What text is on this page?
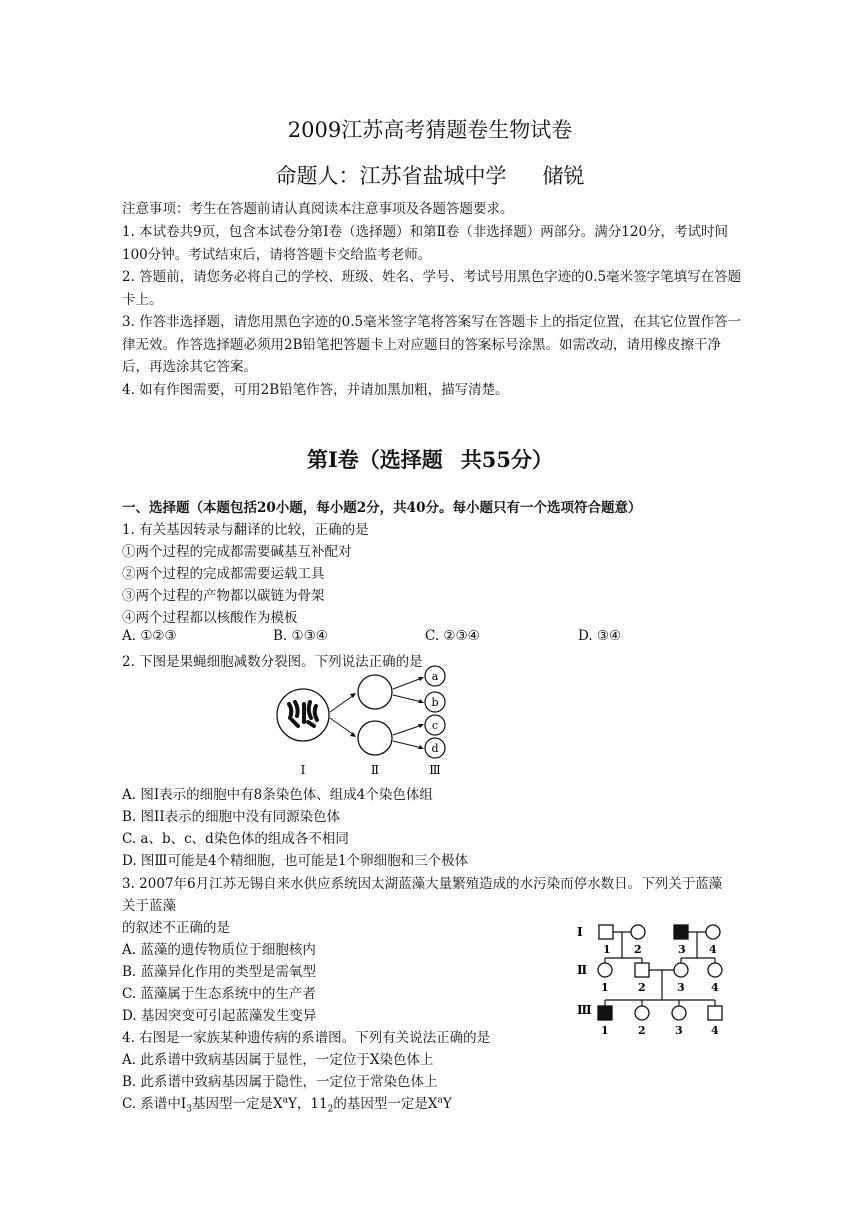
2009江苏高考猜题卷生物试卷
命题人：江苏省盐城中学 储锐
注意事项：考生在答题前请认真阅读本注意事项及各题答题要求。
1. 本试卷共9页，包含本试卷分第Ⅰ卷（选择题）和第Ⅱ卷（非选择题）两部分。满分120分，考试时间100分钟。考试结束后，请将答题卡交给监考老师。
2. 答题前，请您务必将自己的学校、班级、姓名、学号、考试号用黑色字迹的0.5毫米签字笔填写在答题卡上。
3. 作答非选择题，请您用黑色字迹的0.5毫米签字笔将答案写在答题卡上的指定位置，在其它位置作答一律无效。作答选择题必须用2B铅笔把答题卡上对应题目的答案标号涂黑。如需改动，请用橡皮擦干净后，再选涂其它答案。
4. 如有作图需要，可用2B铅笔作答，并请加黑加粗，描写清楚。
第Ⅰ卷（选择题 共55分）
一、选择题（本题包括20小题，每小题2分，共40分。每小题只有一个选项符合题意）
1. 有关基因转录与翻译的比较，正确的是
①两个过程的完成都需要碱基互补配对
②两个过程的完成都需要运载工具
③两个过程的产物都以碳链为骨架
④两个过程都以核酸作为模板
A. ①②③	B. ①③④	C. ②③④	D. ③④
2. 下图是果蝇细胞减数分裂图。下列说法正确的是
a
b
c
d
Ⅰ	Ⅱ	Ⅲ
A. 图Ⅰ表示的细胞中有8条染色体、组成4个染色体组
B. 图II表示的细胞中没有同源染色体
C. a、b、c、d染色体的组成各不相同
D. 图Ⅲ可能是4个精细胞，也可能是1个卵细胞和三个极体
3. 2007年6月江苏无锡自来水供应系统因太湖蓝藻大量繁殖造成的水污染而停水数日。下列关于蓝藻
关于蓝藻
的叙述不正确的是
A. 蓝藻的遗传物质位于细胞核内
B. 蓝藻异化作用的类型是需氧型
C. 蓝藻属于生态系统中的生产者
D. 基因突变可引起蓝藻发生变异
Ⅰ
Ⅱ
Ⅲ
1 2	3 4
1	2	3 4
1	2	3	4
4. 右图是一家族某种遗传病的系谱图。下列有关说法正确的是
A. 此系谱中致病基因属于显性，一定位于X染色体上
B. 此系谱中致病基因属于隐性，一定位于常染色体上
C. 系谱中$I_3$基因型一定是$X^aY$，$11_2$的基因型一定是$X^aY$
